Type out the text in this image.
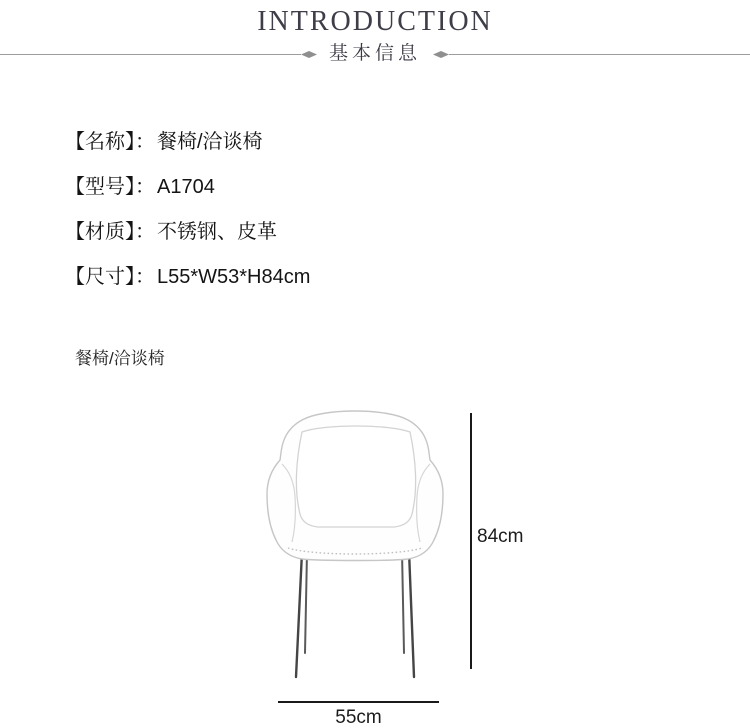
INTRODUCTION
基本信息
【名称】： 餐椅/洽谈椅
【型号】： A1704
【材质】： 不锈钢、皮革
【尺寸】： L55*W53*H84cm
餐椅/洽谈椅
84cm
55cm
